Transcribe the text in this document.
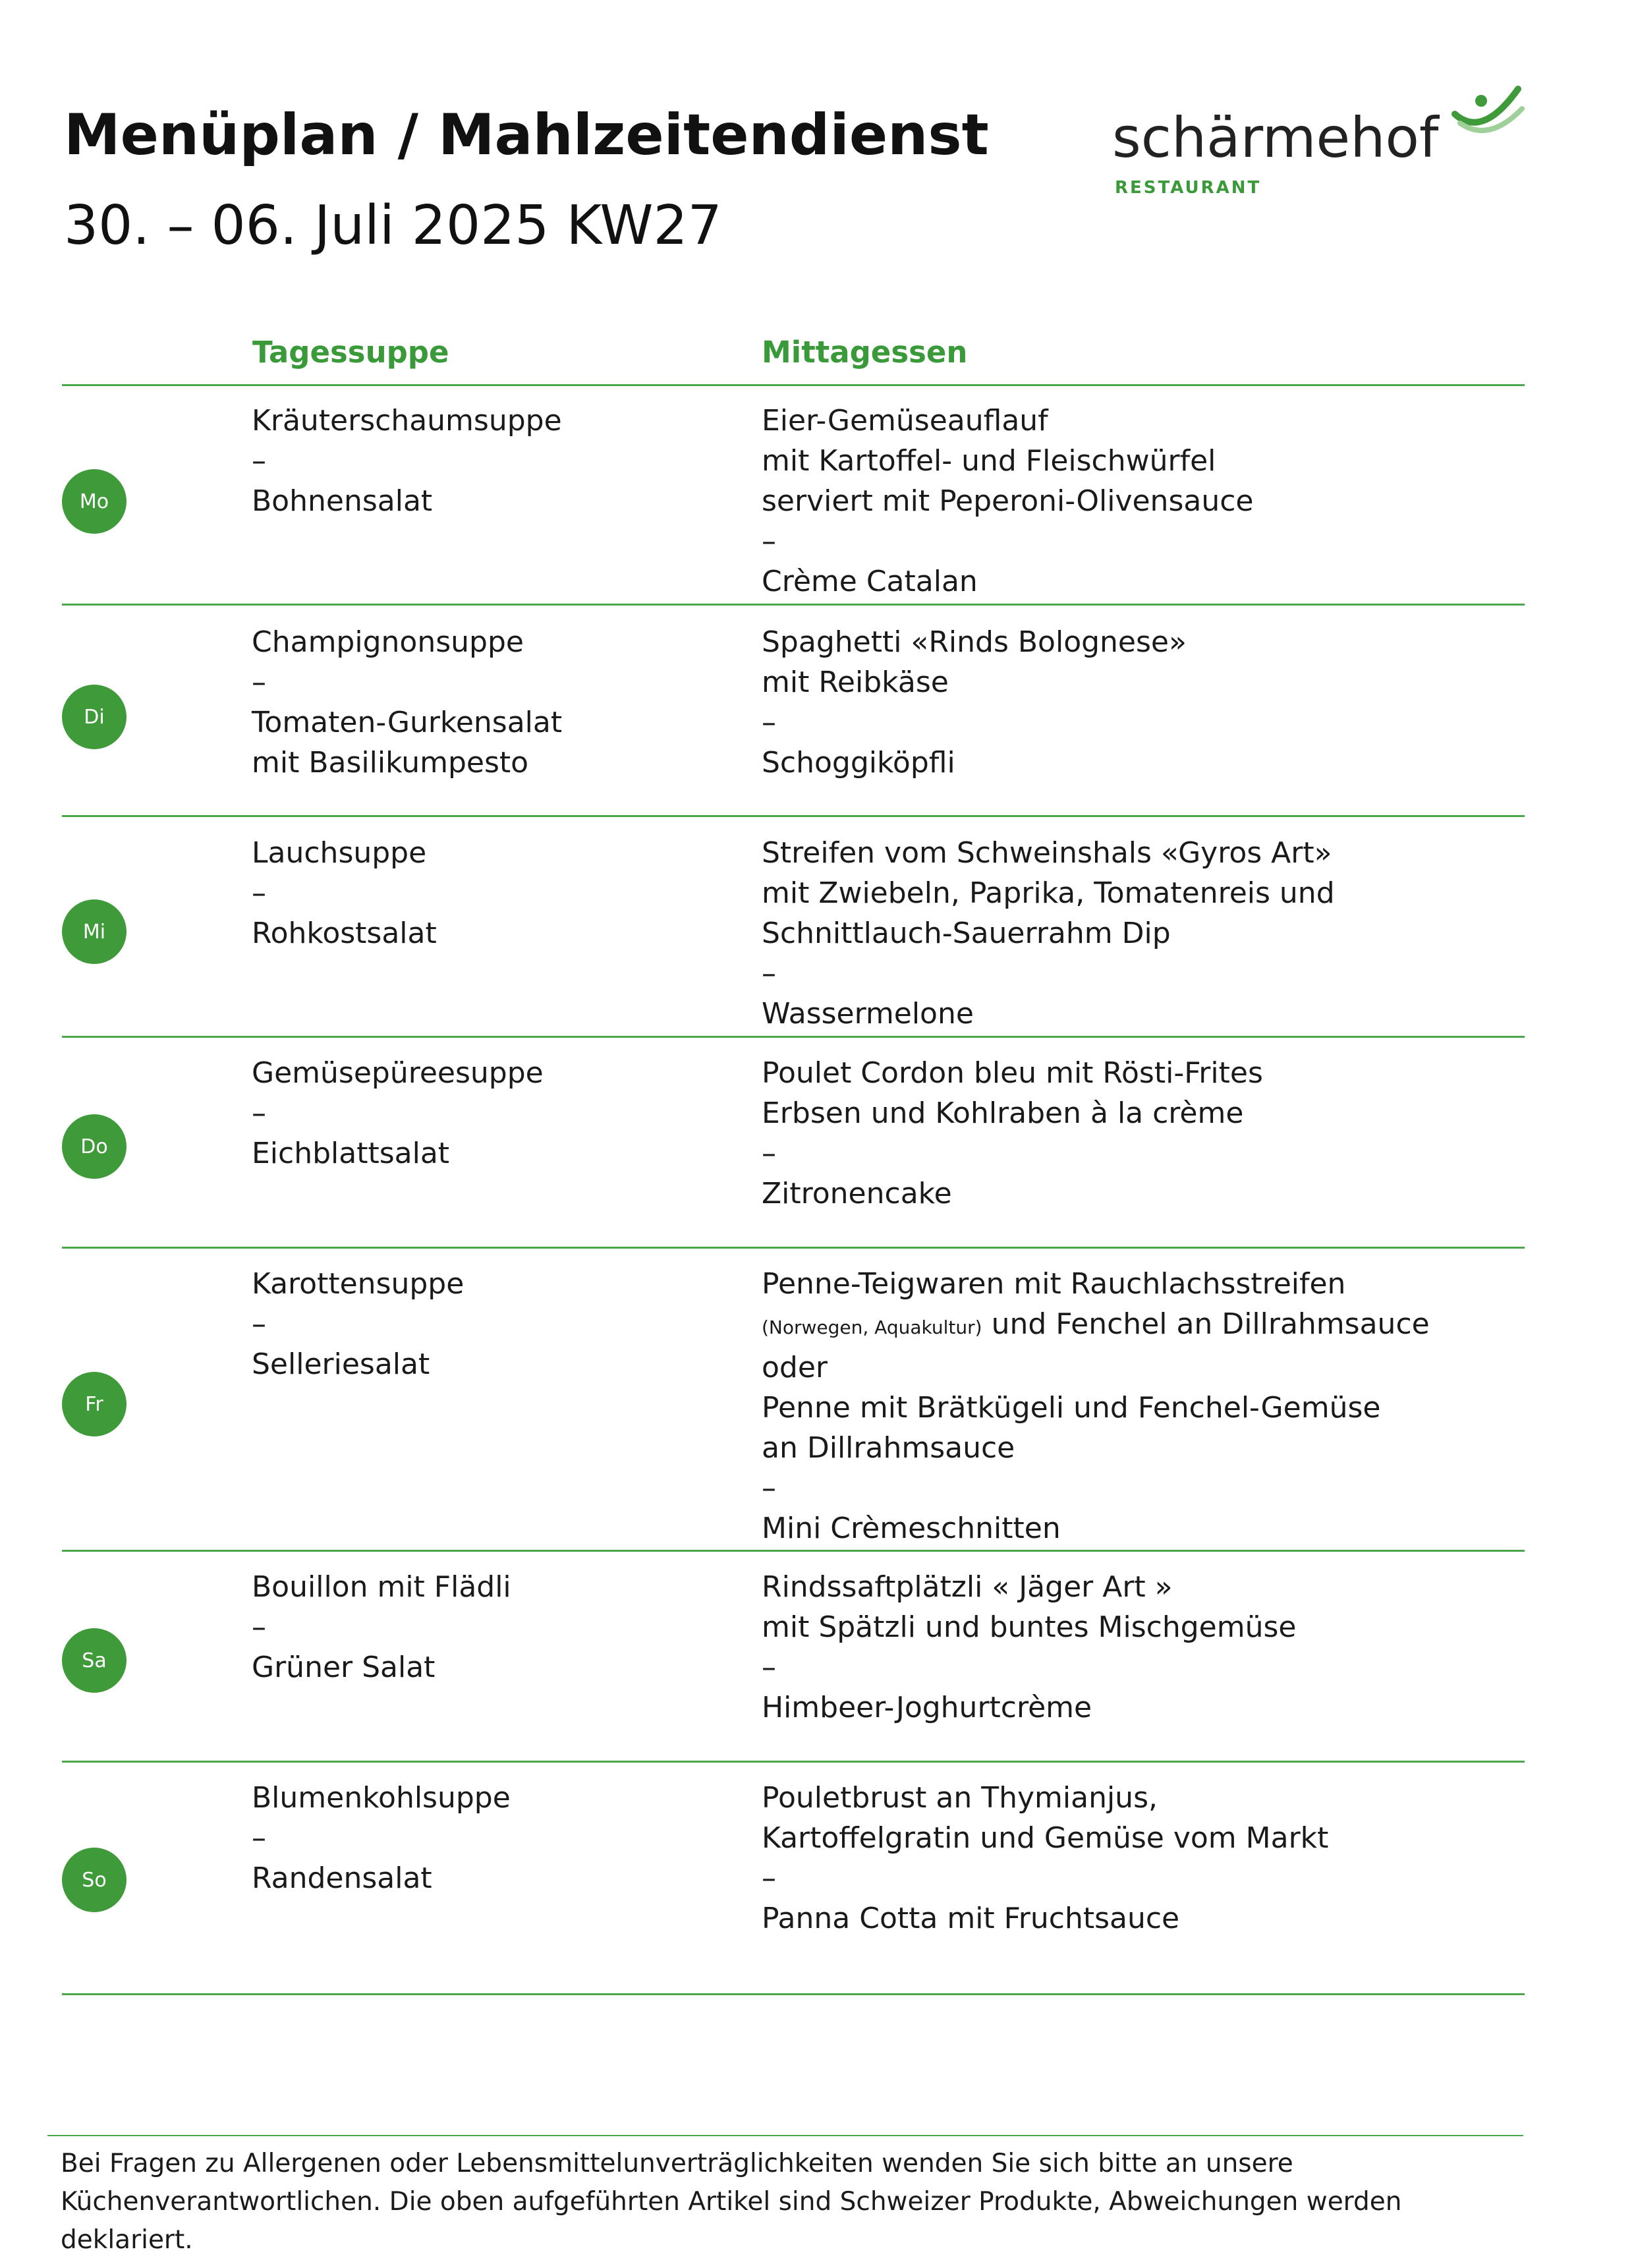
Menüplan / Mahlzeitendienst
30. – 06. Juli 2025 KW27
schärmehof
RESTAURANT
Tagessuppe	Mittagessen
Mo
Kräuterschaumsuppe
–
Bohnensalat
Eier-Gemüseauflauf
mit Kartoffel- und Fleischwürfel
serviert mit Peperoni-Olivensauce
–
Crème Catalan
Di
Champignonsuppe
–
Tomaten-Gurkensalat
mit Basilikumpesto
Spaghetti «Rinds Bolognese»
mit Reibkäse
–
Schoggiköpfli
Mi
Lauchsuppe
–
Rohkostsalat
Streifen vom Schweinshals «Gyros Art»
mit Zwiebeln, Paprika, Tomatenreis und
Schnittlauch-Sauerrahm Dip
–
Wassermelone
Do
Gemüsepüreesuppe
–
Eichblattsalat
Poulet Cordon bleu mit Rösti-Frites
Erbsen und Kohlraben à la crème
–
Zitronencake
Fr
Karottensuppe
–
Selleriesalat
Penne-Teigwaren mit Rauchlachsstreifen
(Norwegen, Aquakultur) und Fenchel an Dillrahmsauce
oder
Penne mit Brätkügeli und Fenchel-Gemüse
an Dillrahmsauce
–
Mini Crèmeschnitten
Sa
Bouillon mit Flädli
–
Grüner Salat
Rindssaftplätzli « Jäger Art »
mit Spätzli und buntes Mischgemüse
–
Himbeer-Joghurtcrème
So
Blumenkohlsuppe
–
Randensalat
Pouletbrust an Thymianjus,
Kartoffelgratin und Gemüse vom Markt
–
Panna Cotta mit Fruchtsauce
Bei Fragen zu Allergenen oder Lebensmittelunverträglichkeiten wenden Sie sich bitte an unsere
Küchenverantwortlichen. Die oben aufgeführten Artikel sind Schweizer Produkte, Abweichungen werden deklariert.
